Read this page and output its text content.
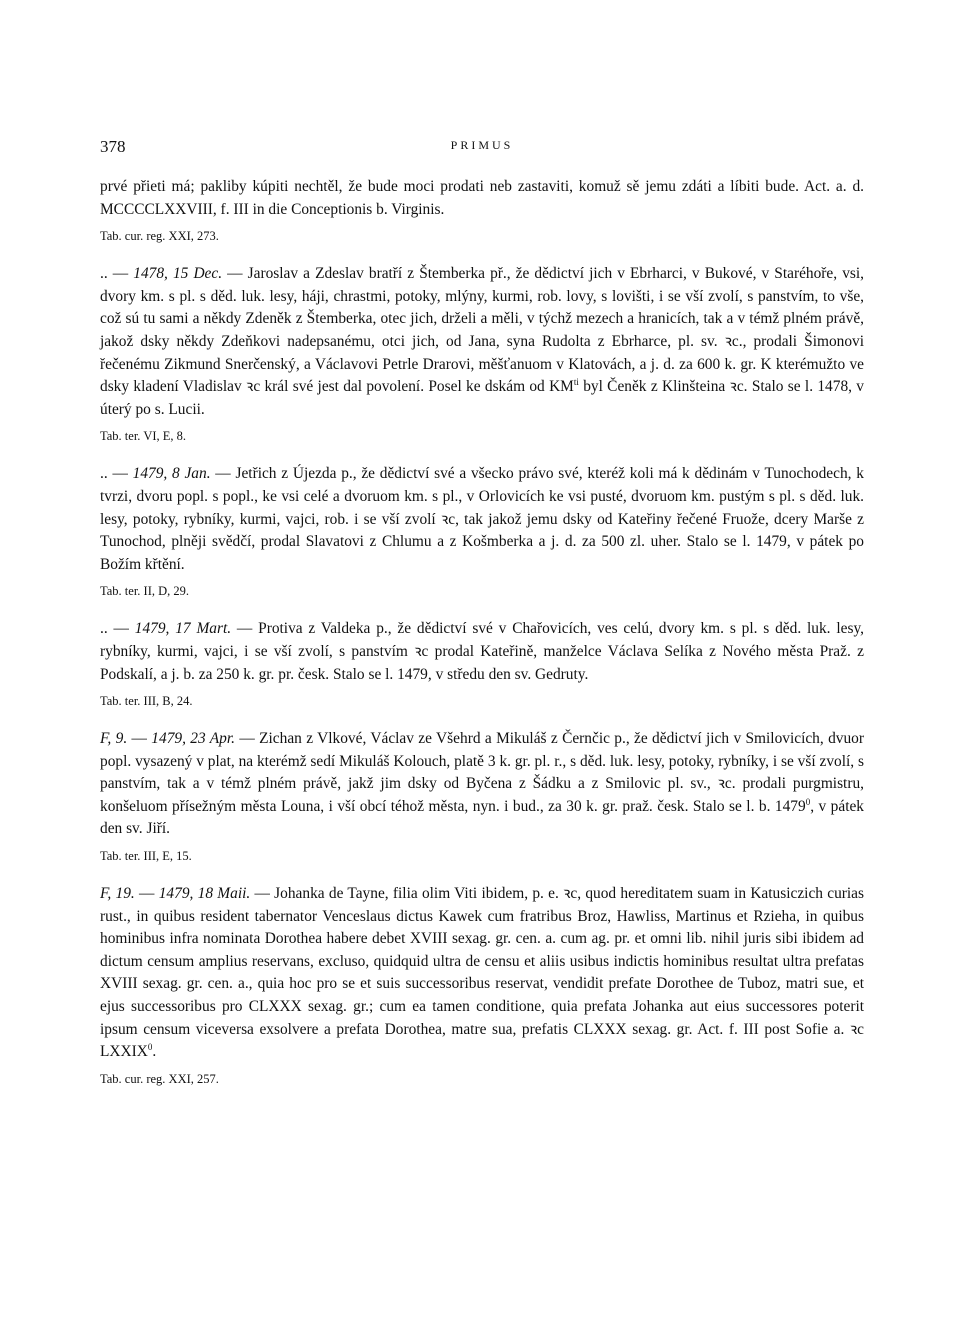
378	PRIMUS

prvé přieti má; pakliby kúpiti nechtěl, že bude moci prodati neb zastaviti, komuž sě jemu zdáti a líbiti bude. Act. a. d. MCCCCLXXVIII, f. III in die Conceptionis b. Virginis.

Tab. cur. reg. XXI, 273.

.. — 1478, 15 Dec. — Jaroslav a Zdeslav bratří z Štemberka př., že dědictví jich v Ebrharci, v Bukové, v Staréhoře, vsi, dvory km. s pl. s děd. luk. lesy, háji, chrastmi, potoky, mlýny, kurmi, rob. lovy, s lovišti, i se vší zvolí, s panstvím, to vše, což sú tu sami a někdy Zdeněk z Štemberka, otec jich, drželi a měli, v týchž mezech a hranicích, tak a v témž plném právě, jakož dsky někdy Zdeňkovi nadepsanému, otci jich, od Jana, syna Rudolta z Ebrharce, pl. sv. ꝛc., prodali Šimonovi řečenému Zikmund Snerčenský, a Václavovi Petrle Drarovi, měšťanuom v Klatovách, a j. d. za 600 k. gr. K kterémužto ve dsky kladení Vladislav ꝛc král své jest dal povolení. Posel ke dskám od $KM^{ti}$ byl Čeněk z Klinšteina ꝛc. Stalo se l. 1478, v úterý po s. Lucii.

Tab. ter. VI, E, 8.

.. — 1479, 8 Jan. — Jetřich z Újezda p., že dědictví své a všecko právo své, kteréž koli má k dědinám v Tunochodech, k tvrzi, dvoru popl. s popl., ke vsi celé a dvoruom km. s pl., v Orlovicích ke vsi pusté, dvoruom km. pustým s pl. s děd. luk. lesy, potoky, rybníky, kurmi, vajci, rob. i se vší zvolí ꝛc, tak jakož jemu dsky od Kateřiny řečené Fruože, dcery Marše z Tunochod, plněji svědčí, prodal Slavatovi z Chlumu a z Košmberka a j. d. za 500 zl. uher. Stalo se l. 1479, v pátek po Božím křtění.

Tab. ter. II, D, 29.

.. — 1479, 17 Mart. — Protiva z Valdeka p., že dědictví své v Chařovicích, ves celú, dvory km. s pl. s děd. luk. lesy, rybníky, kurmi, vajci, i se vší zvolí, s panstvím ꝛc prodal Kateřině, manželce Václava Selíka z Nového města Praž. z Podskalí, a j. b. za 250 k. gr. pr. česk. Stalo se l. 1479, v středu den sv. Gedruty.

Tab. ter. III, B, 24.

F, 9. — 1479, 23 Apr. — Zichan z Vlkové, Václav ze Všehrd a Mikuláš z Černčic p., že dědictví jich v Smilovicích, dvuor popl. vysazený v plat, na kterémž sedí Mikuláš Kolouch, platě 3 k. gr. pl. r., s děd. luk. lesy, potoky, rybníky, i se vší zvolí, s panstvím, tak a v témž plném právě, jakž jim dsky od Byčena z Šádku a z Smilovic pl. sv., ꝛc. prodali purgmistru, konšeluom přísežným města Louna, i vší obcí téhož města, nyn. i bud., za 30 k. gr. praž. česk. Stalo se l. b. 1479$^0$, v pátek den sv. Jiří.

Tab. ter. III, E, 15.

F, 19. — 1479, 18 Maii. — Johanka de Tayne, filia olim Viti ibidem, p. e. ꝛc, quod hereditatem suam in Katusiczich curias rust., in quibus resident tabernator Venceslaus dictus Kawek cum fratribus Broz, Hawliss, Martinus et Rzieha, in quibus hominibus infra nominata Dorothea habere debet XVIII sexag. gr. cen. a. cum ag. pr. et omni lib. nihil juris sibi ibidem ad dictum censum amplius reservans, excluso, quidquid ultra de censu et aliis usibus indictis hominibus resultat ultra prefatas XVIII sexag. gr. cen. a., quia hoc pro se et suis successoribus reservat, vendidit prefate Dorothee de Tuboz, matri sue, et ejus successoribus pro CLXXX sexag. gr.; cum ea tamen conditione, quia prefata Johanka aut eius successores poterit ipsum censum viceversa exsolvere a prefata Dorothea, matre sua, prefatis CLXXX sexag. gr. Act. f. III post Sofie a. ꝛc LXXIX$^0$.

Tab. cur. reg. XXI, 257.
